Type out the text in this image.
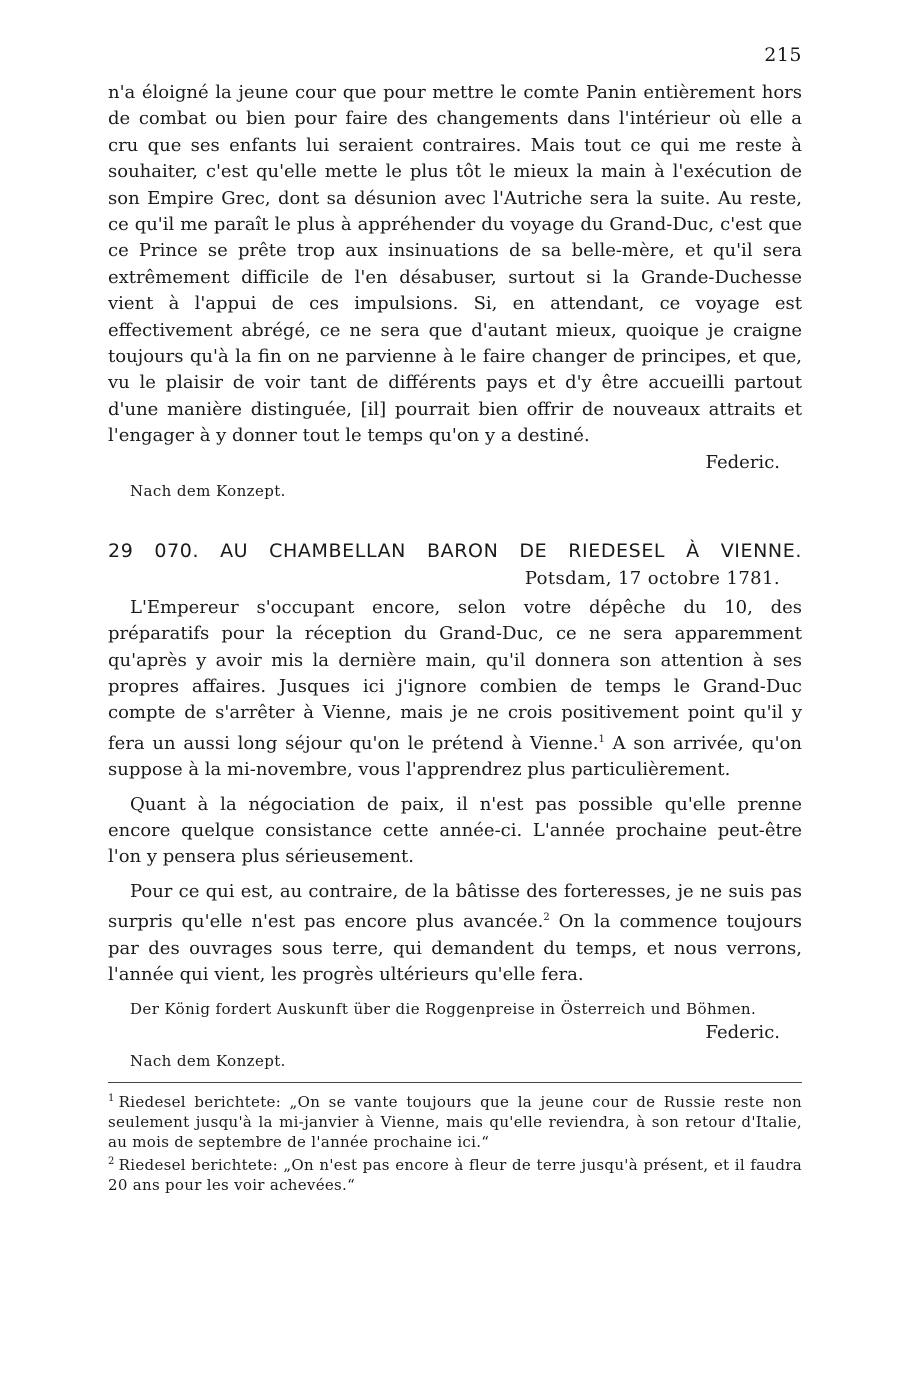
215

n'a éloigné la jeune cour que pour mettre le comte Panin entièrement hors de combat ou bien pour faire des changements dans l'intérieur où elle a cru que ses enfants lui seraient contraires. Mais tout ce qui me reste à souhaiter, c'est qu'elle mette le plus tôt le mieux la main à l'exécution de son Empire Grec, dont sa désunion avec l'Autriche sera la suite. Au reste, ce qu'il me paraît le plus à appréhender du voyage du Grand-Duc, c'est que ce Prince se prête trop aux insinuations de sa belle-mère, et qu'il sera extrêmement difficile de l'en désabuser, surtout si la Grande-Duchesse vient à l'appui de ces impulsions. Si, en attendant, ce voyage est effectivement abrégé, ce ne sera que d'autant mieux, quoique je craigne toujours qu'à la fin on ne parvienne à le faire changer de principes, et que, vu le plaisir de voir tant de différents pays et d'y être accueilli partout d'une manière distinguée, [il] pourrait bien offrir de nouveaux attraits et l'engager à y donner tout le temps qu'on y a destiné.

Federic.

Nach dem Konzept.

29 070. AU CHAMBELLAN BARON DE RIEDESEL À VIENNE.
Potsdam, 17 octobre 1781.

L'Empereur s'occupant encore, selon votre dépêche du 10, des préparatifs pour la réception du Grand-Duc, ce ne sera apparemment qu'après y avoir mis la dernière main, qu'il donnera son attention à ses propres affaires. Jusques ici j'ignore combien de temps le Grand-Duc compte de s'arrêter à Vienne, mais je ne crois positivement point qu'il y fera un aussi long séjour qu'on le prétend à Vienne.$^1$ A son arrivée, qu'on suppose à la mi-novembre, vous l'apprendrez plus particulièrement.

Quant à la négociation de paix, il n'est pas possible qu'elle prenne encore quelque consistance cette année-ci. L'année prochaine peut-être l'on y pensera plus sérieusement.

Pour ce qui est, au contraire, de la bâtisse des forteresses, je ne suis pas surpris qu'elle n'est pas encore plus avancée.$^2$ On la commence toujours par des ouvrages sous terre, qui demandent du temps, et nous verrons, l'année qui vient, les progrès ultérieurs qu'elle fera.

Der König fordert Auskunft über die Roggenpreise in Österreich und Böhmen.

Federic.

Nach dem Konzept.

$^1$ Riedesel berichtete: „On se vante toujours que la jeune cour de Russie reste non seulement jusqu'à la mi-janvier à Vienne, mais qu'elle reviendra, à son retour d'Italie, au mois de septembre de l'année prochaine ici.“

$^2$ Riedesel berichtete: „On n'est pas encore à fleur de terre jusqu'à présent, et il faudra 20 ans pour les voir achevées.“
